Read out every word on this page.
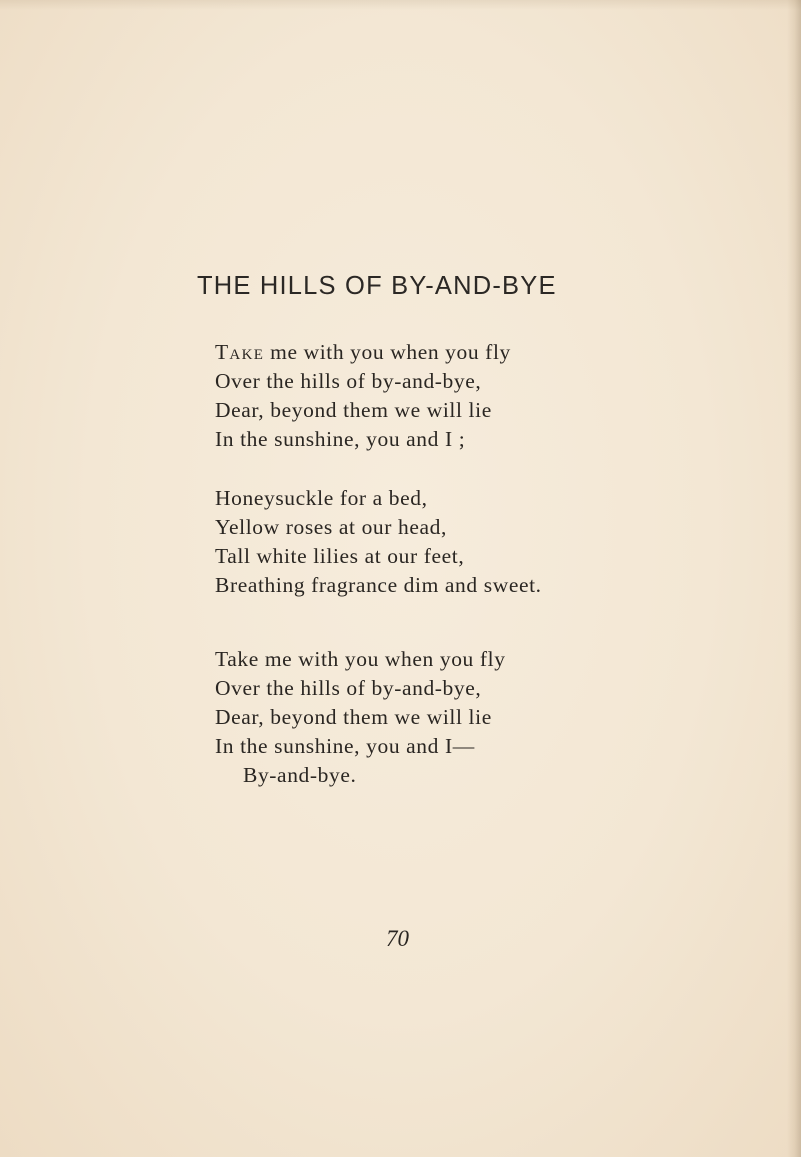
THE HILLS OF BY-AND-BYE
Take me with you when you fly
Over the hills of by-and-bye,
Dear, beyond them we will lie
In the sunshine, you and I ;
Honeysuckle for a bed,
Yellow roses at our head,
Tall white lilies at our feet,
Breathing fragrance dim and sweet.
Take me with you when you fly
Over the hills of by-and-bye,
Dear, beyond them we will lie
In the sunshine, you and I—
By-and-bye.
70
